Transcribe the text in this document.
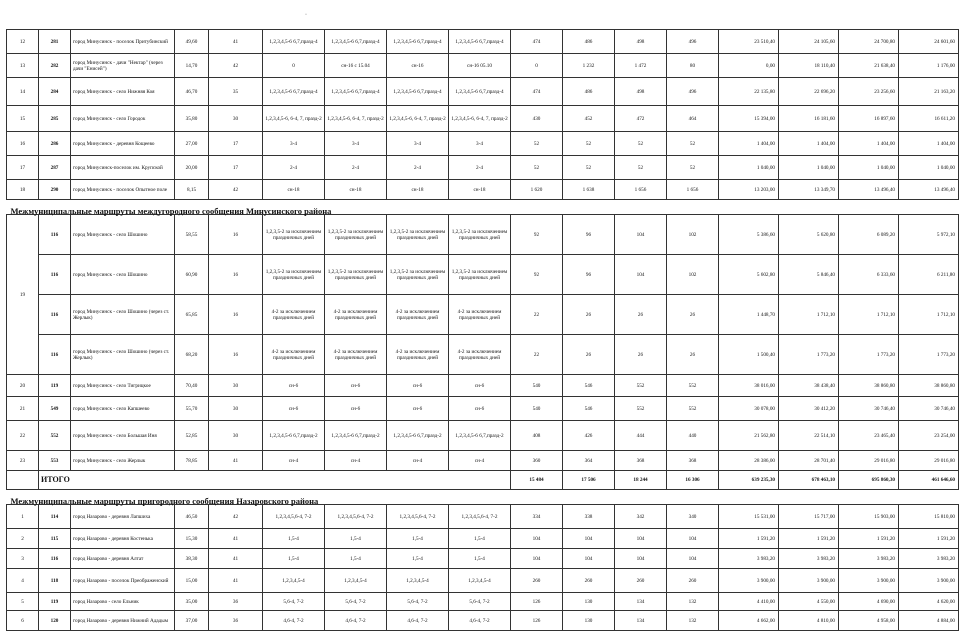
·
12	281	город Минусинск - поселок Притубинский	49,60	41	1,2,3,4,5-6 6,7,празд-4	1,2,3,4,5-6 6,7,празд-4	1,2,3,4,5-6 6,7,празд-4	1,2,3,4,5-6 6,7,празд-4	474	486	498	496	23 510,40	24 105,60	24 700,80	24 601,60
13	282	город Минусинск - дачи "Нектар" (через дачи "Енисей")	14,70	42	0	сн-16 с 15.04	сн-16	сн-16 05.10	0	1 232	1 472	80	0,00	18 110,40	21 638,40	1 176,00
14	284	город Минусинск - село Нижняя Коя	46,70	35	1,2,3,4,5-6 6,7,празд-4	1,2,3,4,5-6 6,7,празд-4	1,2,3,4,5-6 6,7,празд-4	1,2,3,4,5-6 6,7,празд-4	474	486	498	496	22 135,80	22 696,20	23 256,60	21 163,20
15	285	город Минусинск - село Городок	35,80	30	1,2,3,4,5-6, 6-4, 7, празд-2	1,2,3,4,5-6, 6-4, 7, празд-2	1,2,3,4,5-6, 6-4, 7, празд-2	1,2,3,4,5-6, 6-4, 7, празд-2	430	452	472	464	15 394,00	16 181,60	16 897,60	16 611,20
16	286	город Минусинск - деревня Кощеево	27,00	17	3-4	3-4	3-4	3-4	52	52	52	52	1 404,00	1 404,00	1 404,00	1 404,00
17	287	город Минусинск-поселок им. Крупской	20,00	17	2-4	2-4	2-4	2-4	52	52	52	52	1 040,00	1 040,00	1 040,00	1 040,00
18	290	город Минусинск - поселок Опытное поле	8,15	42	сн-18	сн-18	сн-18	сн-18	1 620	1 638	1 656	1 656	13 203,00	13 349,70	13 496,40	13 496,40
Межмуниципальные маршруты междугородного сообщения Минусинского района																
19	116	город Минусинск - село Шошино	58,55	16	1,2,3,5-2 за исключением праздничных дней	1,2,3,5-2 за исключением праздничных дней	1,2,3,5-2 за исключением праздничных дней	1,2,3,5-2 за исключением праздничных дней	92	96	104	102	5 386,60	5 620,80	6 089,20	5 972,10
	116	город Минусинск - село Шошино	60,90	16	1,2,3,5-2 за исключением праздничных дней	1,2,3,5-2 за исключением праздничных дней	1,2,3,5-2 за исключением праздничных дней	1,2,3,5-2 за исключением праздничных дней	92	96	104	102	5 602,80	5 846,40	6 333,60	6 211,80
	116	город Минусинск - село Шошино (через ст. Жерлык)	65,85	16	4-2 за исключением праздничных дней	4-2 за исключением праздничных дней	4-2 за исключением праздничных дней	4-2 за исключением праздничных дней	22	26	26	26	1 448,70	1 712,10	1 712,10	1 712,10
	116	город Минусинск - село Шошино (через ст. Жерлык)	68,20	16	4-2 за исключением праздничных дней	4-2 за исключением праздничных дней	4-2 за исключением праздничных дней	4-2 за исключением праздничных дней	22	26	26	26	1 500,40	1 773,20	1 773,20	1 773,20
20	119	город Минусинск - село Тигрицкое	70,40	30	сн-6	сн-6	сн-6	сн-6	540	546	552	552	38 016,00	38 438,40	38 860,80	38 860,80
21	549	город Минусинск - село Капшеево	55,70	30	сн-6	сн-6	сн-6	сн-6	540	546	552	552	30 078,00	30 412,20	30 746,40	30 746,40
22	552	город Минусинск - село Большая Иня	52,85	30	1,2,3,4,5-6 6,7,празд-2	1,2,3,4,5-6 6,7,празд-2	1,2,3,4,5-6 6,7,празд-2	1,2,3,4,5-6 6,7,празд-2	408	426	444	440	21 562,80	22 514,10	23 465,40	23 254,00
23	553	город Минусинск - село Жерлык	78,85	41	сн-4	сн-4	сн-4	сн-4	360	364	368	368	28 386,00	28 701,40	29 016,80	29 016,80
	ИТОГО								15 484	17 506	18 244	16 306	639 235,30	678 463,10	695 860,30	461 646,60
Межмуниципальные маршруты пригородного сообщения Назаровского района																
1	114	город Назарово - деревня Лапшиха	46,50	42	1,2,3,4,5,6-4, 7-2	1,2,3,4,5,6-4, 7-2	1,2,3,4,5,6-4, 7-2	1,2,3,4,5,6-4, 7-2	334	338	342	340	15 531,00	15 717,00	15 903,00	15 810,00
2	115	город Назарово - деревня Костенька	15,30	41	1,5-4	1,5-4	1,5-4	1,5-4	104	104	104	104	1 591,20	1 591,20	1 591,20	1 591,20
3	116	город Назарово - деревня Алтат	38,30	41	1,5-4	1,5-4	1,5-4	1,5-4	104	104	104	104	3 983,20	3 983,20	3 983,20	3 983,20
4	118	город Назарово - поселок Преображенский	15,00	41	1,2,3,4,5-4	1,2,3,4,5-4	1,2,3,4,5-4	1,2,3,4,5-4	260	260	260	260	3 900,00	3 900,00	3 900,00	3 900,00
5	119	город Назарово - село Ельник	35,00	36	5,6-4, 7-2	5,6-4, 7-2	5,6-4, 7-2	5,6-4, 7-2	126	130	134	132	4 410,00	4 550,00	4 690,00	4 620,00
6	120	город Назарово - деревня Нижний Ададым	37,00	36	4,6-4, 7-2	4,6-4, 7-2	4,6-4, 7-2	4,6-4, 7-2	126	130	134	132	4 662,00	4 810,00	4 958,00	4 884,00
